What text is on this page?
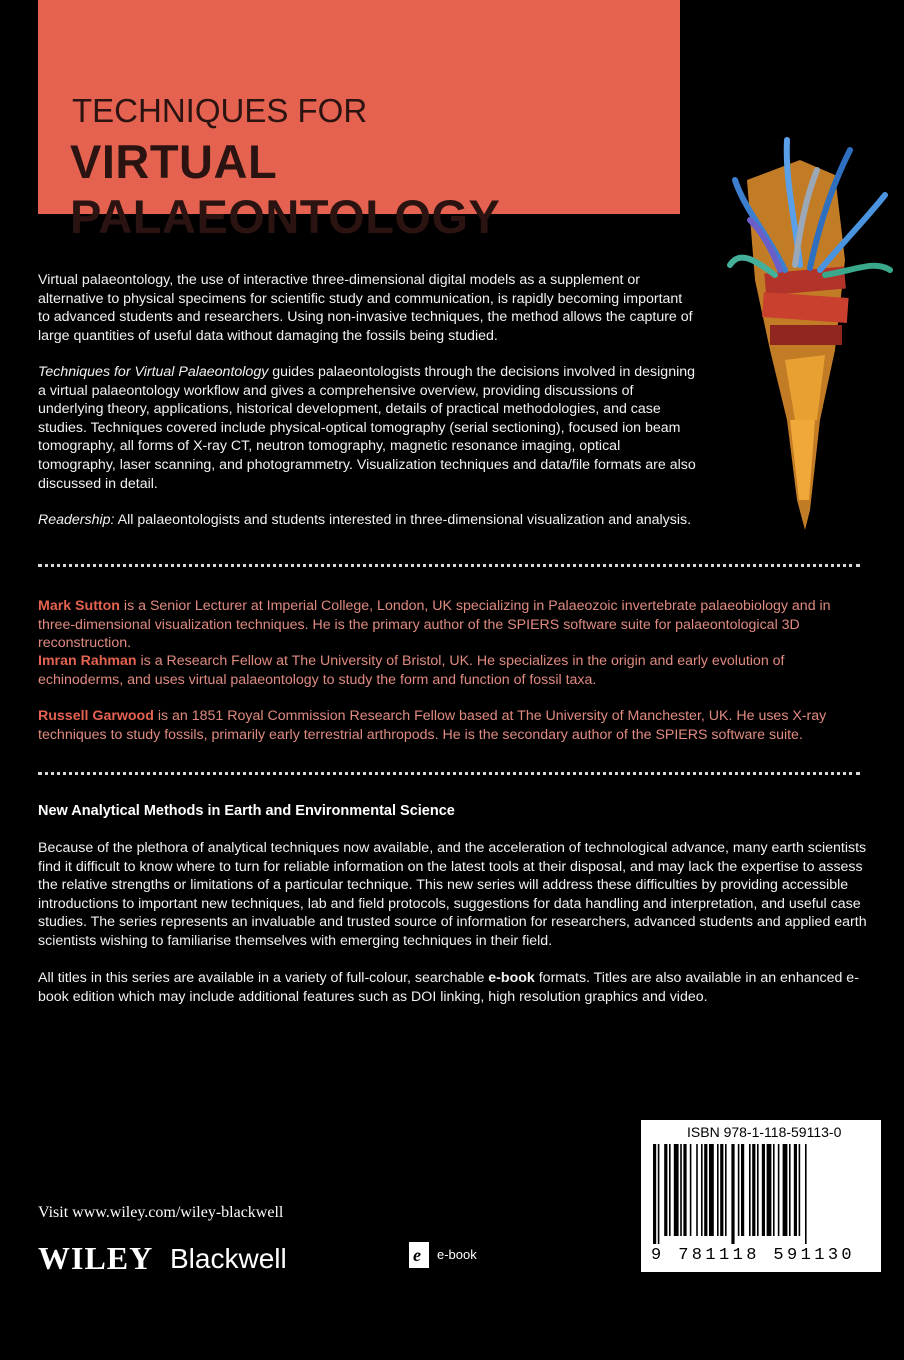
TECHNIQUES FOR
VIRTUAL PALAEONTOLOGY

Virtual palaeontology, the use of interactive three-dimensional digital models as a supplement or alternative to physical specimens for scientific study and communication, is rapidly becoming important to advanced students and researchers. Using non-invasive techniques, the method allows the capture of large quantities of useful data without damaging the fossils being studied.

Techniques for Virtual Palaeontology guides palaeontologists through the decisions involved in designing a virtual palaeontology workflow and gives a comprehensive overview, providing discussions of underlying theory, applications, historical development, details of practical methodologies, and case studies. Techniques covered include physical-optical tomography (serial sectioning), focused ion beam tomography, all forms of X-ray CT, neutron tomography, magnetic resonance imaging, optical tomography, laser scanning, and photogrammetry. Visualization techniques and data/file formats are also discussed in detail.

Readership: All palaeontologists and students interested in three-dimensional visualization and analysis.

Mark Sutton is a Senior Lecturer at Imperial College, London, UK specializing in Palaeozoic invertebrate palaeobiology and in three-dimensional visualization techniques. He is the primary author of the SPIERS software suite for palaeontological 3D reconstruction.
Imran Rahman is a Research Fellow at The University of Bristol, UK. He specializes in the origin and early evolution of echinoderms, and uses virtual palaeontology to study the form and function of fossil taxa.
Russell Garwood is an 1851 Royal Commission Research Fellow based at The University of Manchester, UK. He uses X-ray techniques to study fossils, primarily early terrestrial arthropods. He is the secondary author of the SPIERS software suite.
New Analytical Methods in Earth and Environmental Science

Because of the plethora of analytical techniques now available, and the acceleration of technological advance, many earth scientists find it difficult to know where to turn for reliable information on the latest tools at their disposal, and may lack the expertise to assess the relative strengths or limitations of a particular technique. This new series will address these difficulties by providing accessible introductions to important new techniques, lab and field protocols, suggestions for data handling and interpretation, and useful case studies. The series represents an invaluable and trusted source of information for researchers, advanced students and applied earth scientists wishing to familiarise themselves with emerging techniques in their field.

All titles in this series are available in a variety of full-colour, searchable e-book formats. Titles are also available in an enhanced e-book edition which may include additional features such as DOI linking, high resolution graphics and video.

Visit www.wiley.com/wiley-blackwell
WILEY Blackwell	e e-book
ISBN 978-1-118-59113-0
9 781118 591130
